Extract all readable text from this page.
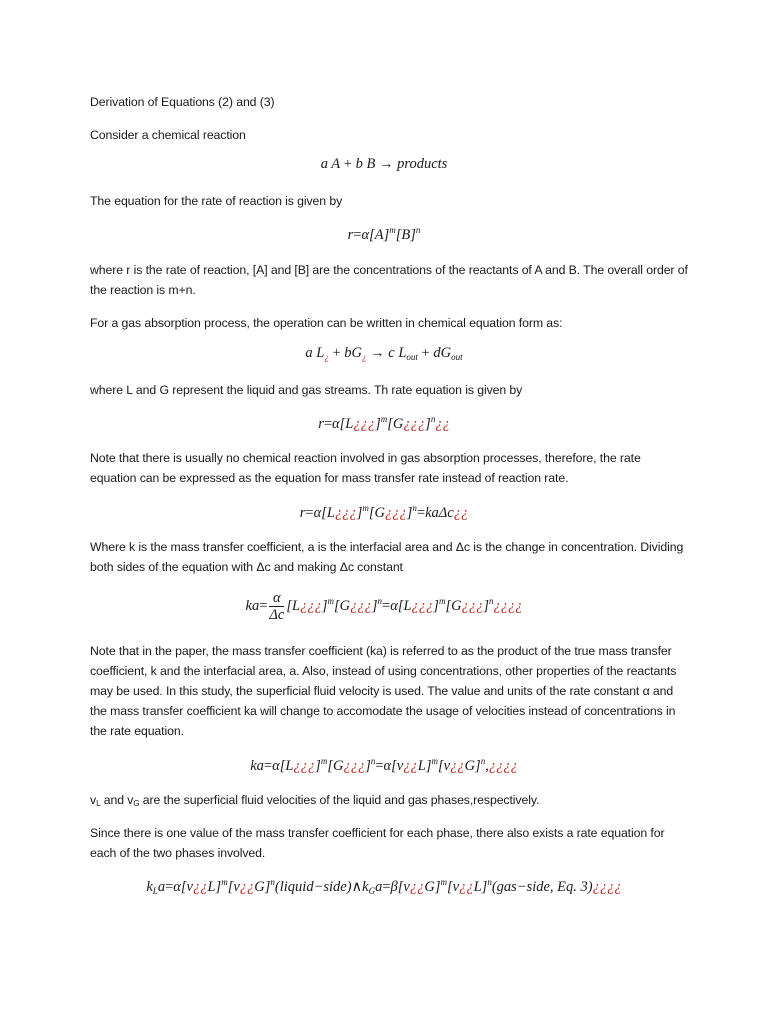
Derivation of Equations (2) and (3)
Consider a chemical reaction
a A + b B → products
The equation for the rate of reaction is given by
$r=\alpha[A]^m[B]^n$
where r is the rate of reaction, [A] and [B] are the concentrations of the reactants of A and B. The overall order of the reaction is m+n.
For a gas absorption process, the operation can be written in chemical equation form as:
a $L_¿ + bG_¿ \to c$ $L_{out} + dG_{out}$
where L and G represent the liquid and gas streams. Th rate equation is given by
r=α[L¿¿¿]$^m$[G¿¿¿]$^n$¿¿
Note that there is usually no chemical reaction involved in gas absorption processes, therefore, the rate equation can be expressed as the equation for mass transfer rate instead of reaction rate.
r=α[L¿¿¿]$^m$[G¿¿¿]$^n$=kaΔc¿¿
Where k is the mass transfer coefficient, a is the interfacial area and Δc is the change in concentration. Dividing both sides of the equation with Δc and making Δc constant
$ka= \frac{\alpha}{\Delta c}$ [L¿¿¿]$^m$[G¿¿¿]$^n$=α[L¿¿¿]$^m$[G¿¿¿]$^n$¿¿¿¿
Note that in the paper, the mass transfer coefficient (ka) is referred to as the product of the true mass transfer coefficient, k and the interfacial area, a. Also, instead of using concentrations, other properties of the reactants may be used. In this study, the superficial fluid velocity is used. The value and units of the rate constant α and the mass transfer coefficient ka will change to accomodate the usage of velocities instead of concentrations in the rate equation.
ka=α[L¿¿¿]$^m$[G¿¿¿]$^n$=α[v¿¿L]$^m$[v¿¿G]$^n$,¿¿¿¿
vL and vG are the superficial fluid velocities of the liquid and gas phases,respectively.
Since there is one value of the mass transfer coefficient for each phase, there also exists a rate equation for each of the two phases involved.
$k_La=\alpha[v¿¿L]^m[v¿¿G]^n(liquid-side)\wedge k_Ga=\beta[v¿¿G]^m[v¿¿L]^n(gas-side$, Eq. 3)¿¿¿¿
